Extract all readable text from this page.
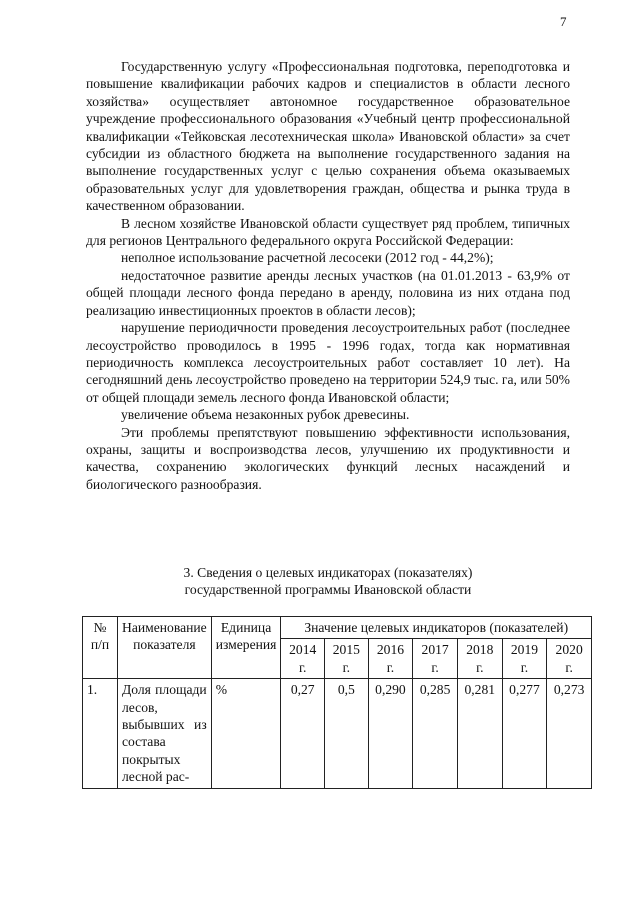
7

Государственную услугу «Профессиональная подготовка, переподготовка и повышение квалификации рабочих кадров и специалистов в области лесного хозяйства» осуществляет автономное государственное образовательное учреждение профессионального образования «Учебный центр профессиональной квалификации «Тейковская лесотехническая школа» Ивановской области» за счет субсидии из областного бюджета на выполнение государственного задания на выполнение государственных услуг с целью сохранения объема оказываемых образовательных услуг для удовлетворения граждан, общества и рынка труда в качественном образовании.

В лесном хозяйстве Ивановской области существует ряд проблем, типичных для регионов Центрального федерального округа Российской Федерации:

неполное использование расчетной лесосеки (2012 год - 44,2%);

недостаточное развитие аренды лесных участков (на 01.01.2013 - 63,9% от общей площади лесного фонда передано в аренду, половина из них отдана под реализацию инвестиционных проектов в области лесов);

нарушение периодичности проведения лесоустроительных работ (последнее лесоустройство проводилось в 1995 - 1996 годах, тогда как нормативная периодичность комплекса лесоустроительных работ составляет 10 лет). На сегодняшний день лесоустройство проведено на территории 524,9 тыс. га, или 50% от общей площади земель лесного фонда Ивановской области;

увеличение объема незаконных рубок древесины.

Эти проблемы препятствуют повышению эффективности использования, охраны, защиты и воспроизводства лесов, улучшению их продуктивности и качества, сохранению экологических функций лесных насаждений и биологического разнообразия.

3. Сведения о целевых индикаторах (показателях)
государственной программы Ивановской области
№ п/п	Наименование показателя	Единица измерения	Значение целевых индикаторов (показателей)						
			2014 г.	2015 г.	2016 г.	2017 г.	2018 г.	2019 г.	2020 г.
1.	Доля площади лесов, выбывших из состава покрытых лесной рас-	%	0,27	0,5	0,290	0,285	0,281	0,277	0,273
